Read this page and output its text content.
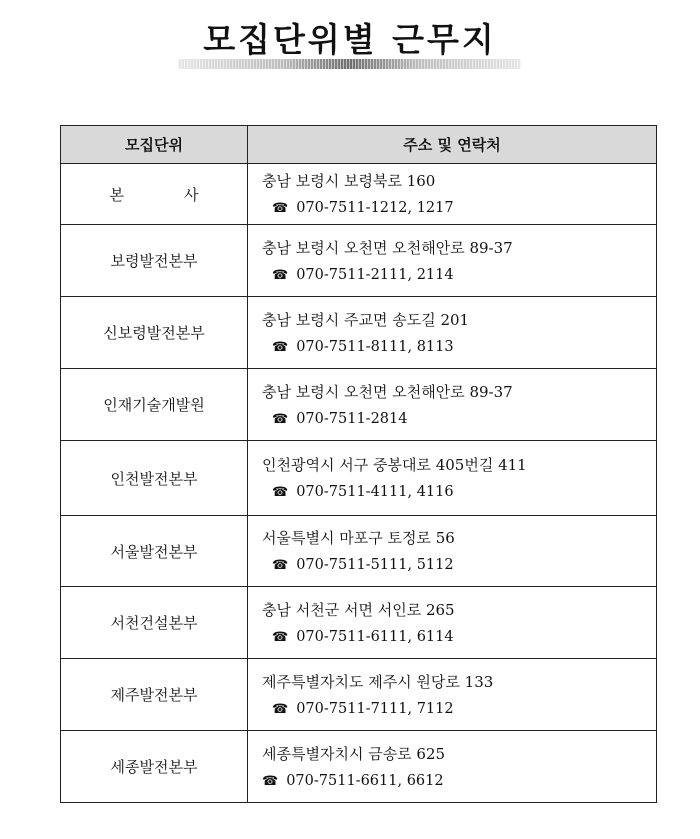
모집단위별 근무지
모집단위	주소 및 연락처
본사	충남 보령시 보령북로 160
☎ 070-7511-1212, 1217

보령발전본부	충남 보령시 오천면 오천해안로 89-37
☎ 070-7511-2111, 2114

신보령발전본부	충남 보령시 주교면 송도길 201
☎ 070-7511-8111, 8113

인재기술개발원	충남 보령시 오천면 오천해안로 89-37
☎ 070-7511-2814

인천발전본부	인천광역시 서구 중봉대로 405번길 411
☎ 070-7511-4111, 4116

서울발전본부	서울특별시 마포구 토정로 56
☎ 070-7511-5111, 5112

서천건설본부	충남 서천군 서면 서인로 265
☎ 070-7511-6111, 6114

제주발전본부	제주특별자치도 제주시 원당로 133
☎ 070-7511-7111, 7112

세종발전본부	세종특별자치시 금송로 625
☎ 070-7511-6611, 6612
